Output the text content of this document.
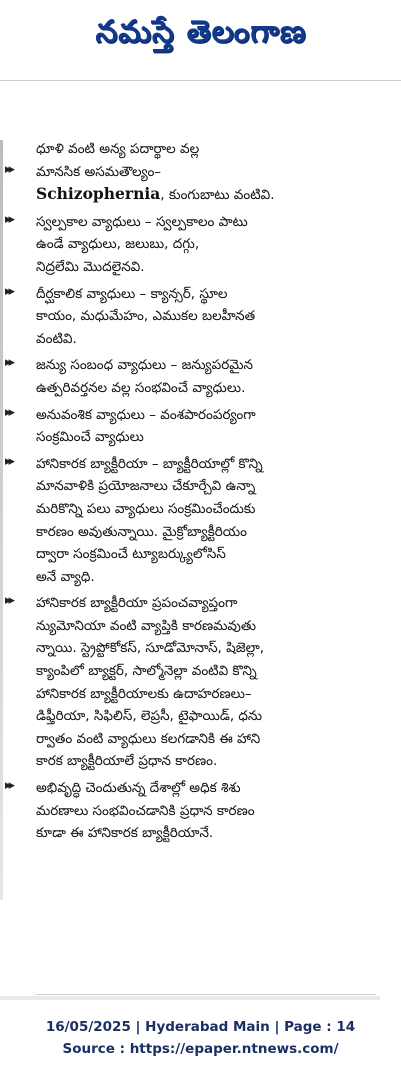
నమస్తే తెలంగాణ
ధూళి వంటి అన్య పదార్థాల వల్ల
▸▸ మానసిక అసమతౌల్యం–
Schizophernia, కుంగుబాటు వంటివి.
▸▸ స్వల్పకాల వ్యాధులు – స్వల్పకాలం పాటు
ఉండే వ్యాధులు, జలుబు, దగ్గు,
నిద్రలేమి మొదలైనవి.
▸▸ దీర్ఘకాలిక వ్యాధులు – క్యాన్సర్, స్థూల
కాయం, మధుమేహం, ఎముకల బలహీనత
వంటివి.
▸▸ జన్యు సంబంధ వ్యాధులు – జన్యుపరమైన
ఉత్పరివర్తనల వల్ల సంభవించే వ్యాధులు.
▸▸ అనువంశిక వ్యాధులు – వంశపారంపర్యంగా
సంక్రమించే వ్యాధులు
▸▸ హానికారక బ్యాక్టీరియా – బ్యాక్టీరియాల్లో కొన్ని
మానవాళికి ప్రయోజనాలు చేకూర్చేవి ఉన్నా
మరికొన్ని పలు వ్యాధులు సంక్రమించేందుకు
కారణం అవుతున్నాయి. మైక్రోబ్యాక్టీరియం
ద్వారా సంక్రమించే ట్యూబర్క్యులోసిస్
అనే వ్యాధి.
▸▸ హానికారక బ్యాక్టీరియా ప్రపంచవ్యాప్తంగా
న్యుమోనియా వంటి వ్యాప్తికి కారణమవుతు
న్నాయి. స్ట్రెప్టోకోకస్, సూడోమోనాస్, షిజెల్లా,
క్యాంపిలో బ్యాక్టర్, సాల్మోనెల్లా వంటివి కొన్ని
హానికారక బ్యాక్టీరియాలకు ఉదాహరణలు–
డిఫ్తీరియా, సిఫిలిస్, లెప్రసీ, టైఫాయిడ్, ధను
ర్వాతం వంటి వ్యాధులు కలగడానికి ఈ హాని
కారక బ్యాక్టీరియాలే ప్రధాన కారణం.
▸▸ అభివృద్ధి చెందుతున్న దేశాల్లో అధిక శిశు
మరణాలు సంభవించడానికి ప్రధాన కారణం
కూడా ఈ హానికారక బ్యాక్టీరియానే.
16/05/2025 | Hyderabad Main | Page : 14
Source : https://epaper.ntnews.com/
